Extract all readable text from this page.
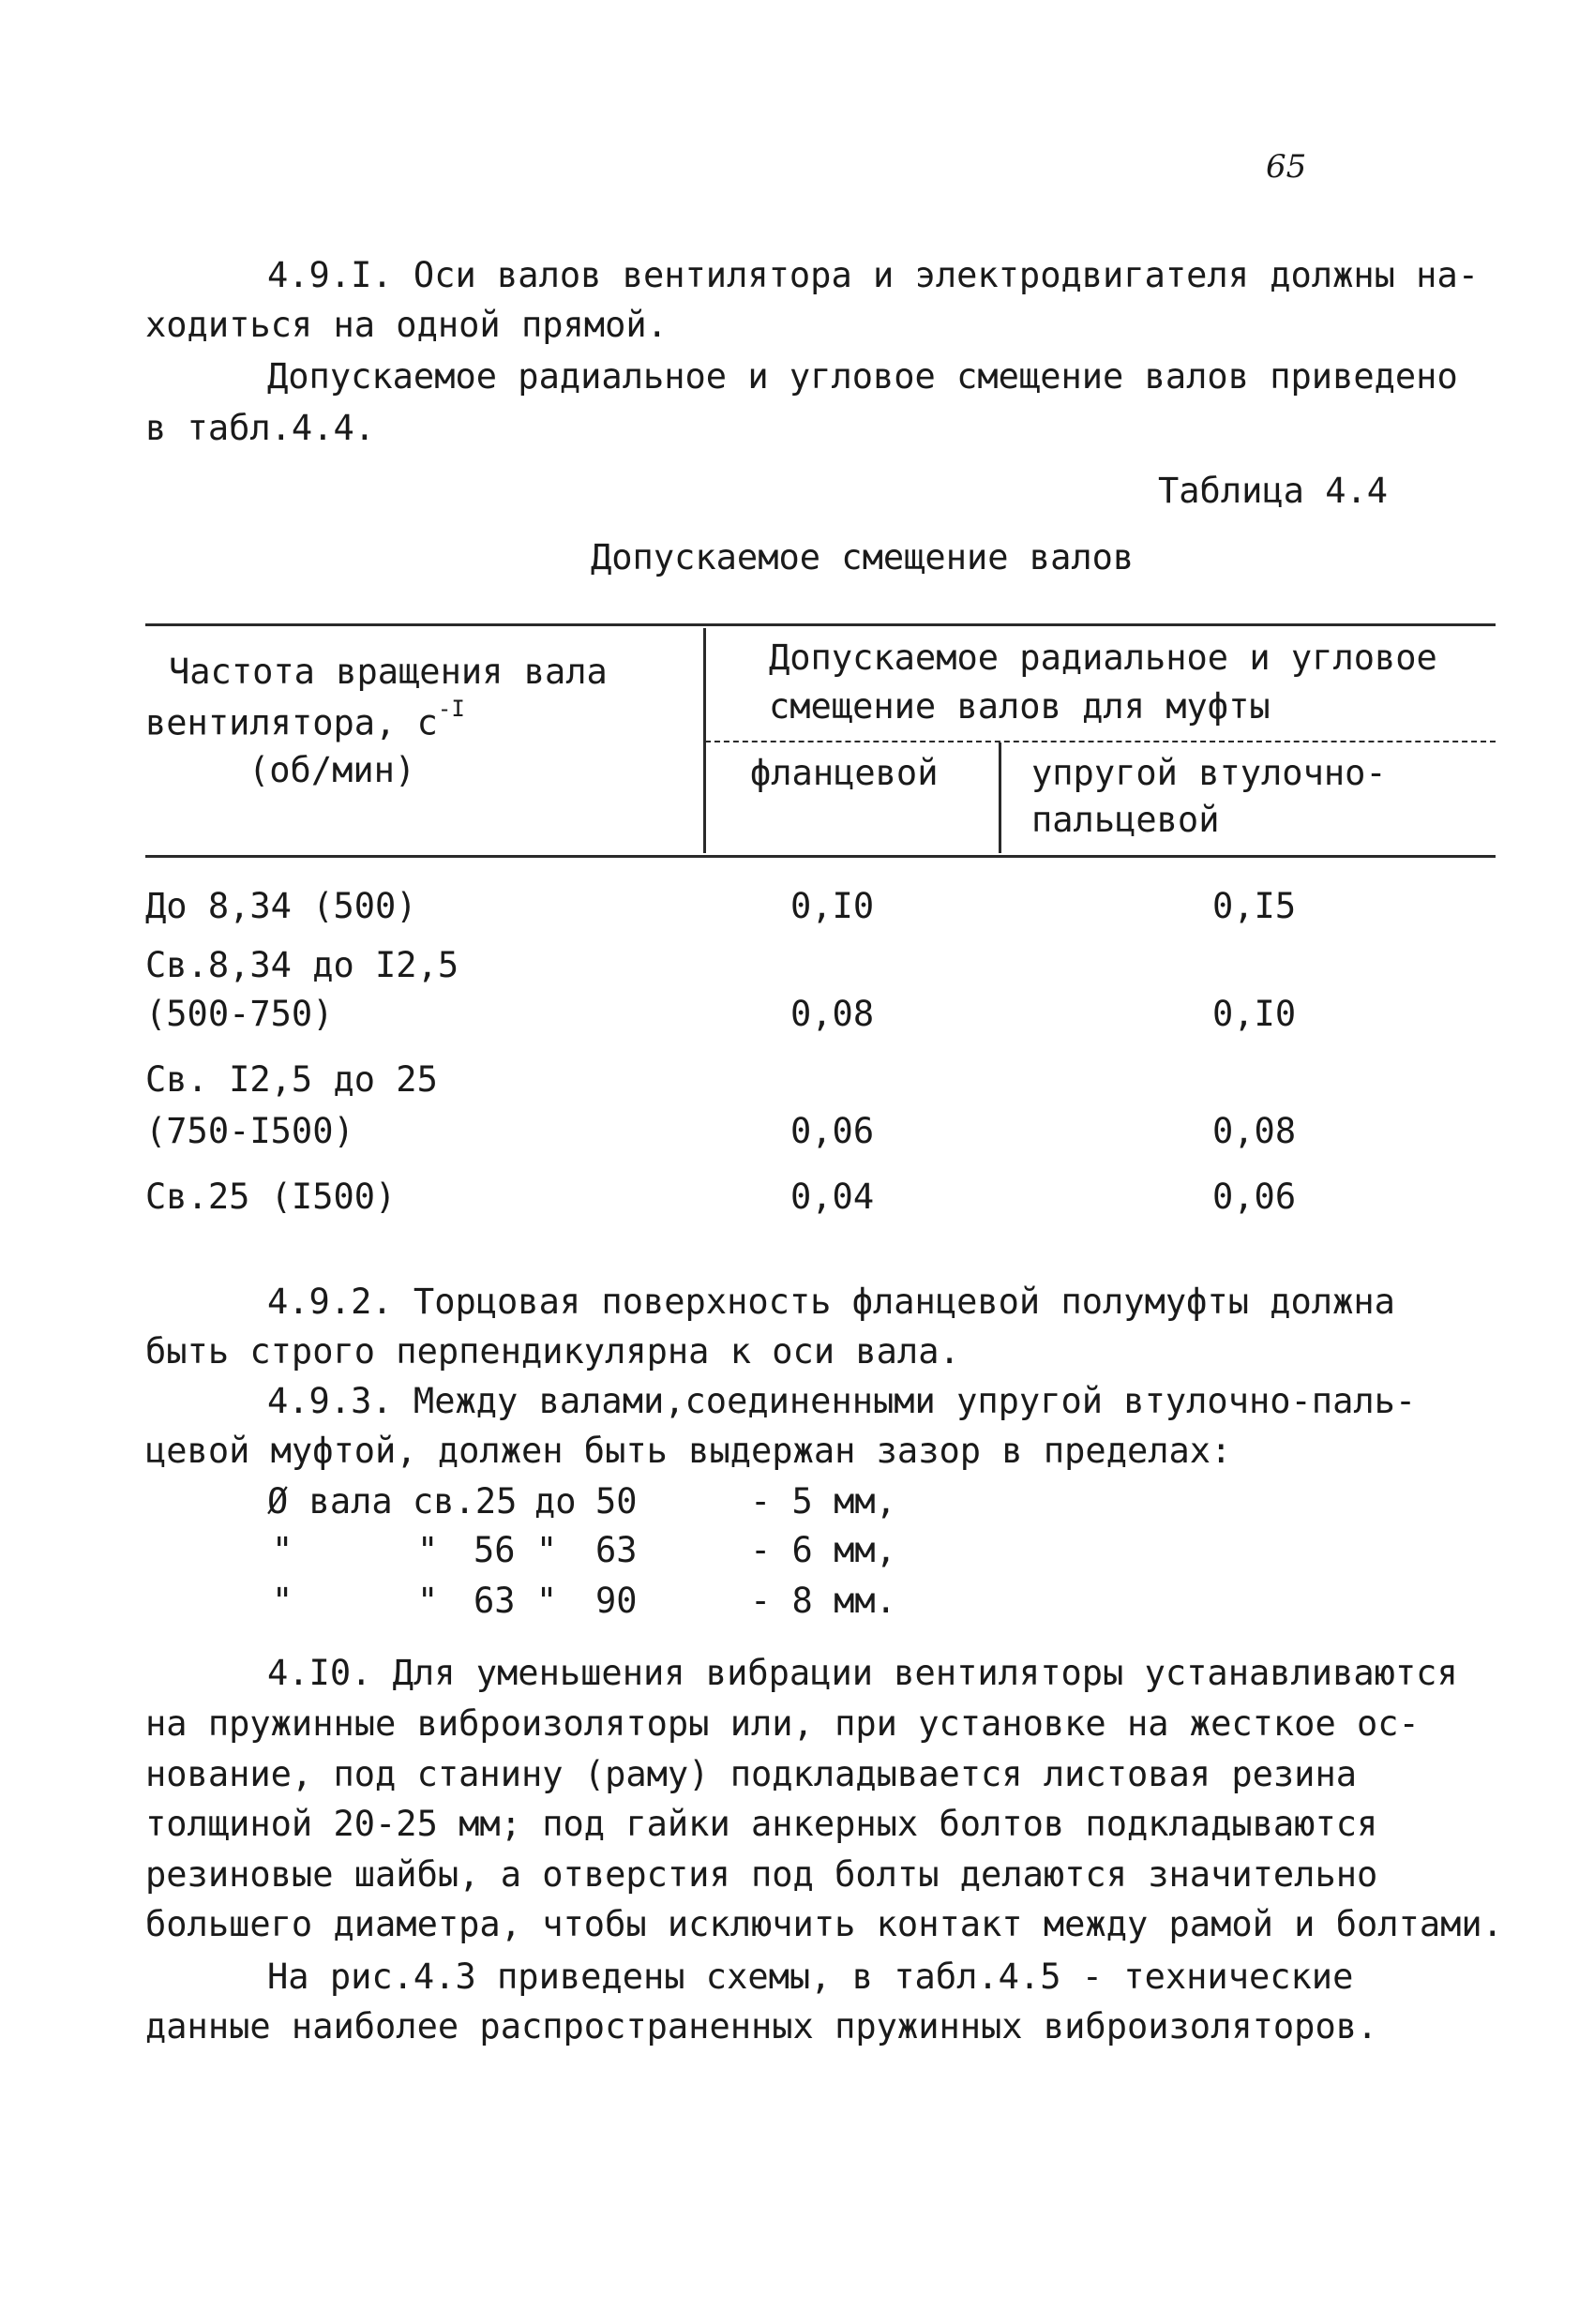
65
4.9.I. Оси валов вентилятора и электродвигателя должны на-
ходиться на одной прямой.
Допускаемое радиальное и угловое смещение валов приведено
в табл.4.4.
Таблица 4.4
Допускаемое смещение валов
Частота вращения вала
вентилятора, $с^{-I}$
(об/мин)
Допускаемое радиальное и угловое
смещение валов для муфты
фланцевой	упругой втулочно-
пальцевой
До 8,34 (500)	0,I0	0,I5
Св.8,34 до I2,5
(500-750)	0,08	0,I0
Св. I2,5 до 25
(750-I500)	0,06	0,08
Св.25 (I500)	0,04	0,06
4.9.2. Торцовая поверхность фланцевой полумуфты должна
быть строго перпендикулярна к оси вала.
4.9.3. Между валами,соединенными упругой втулочно-паль-
цевой муфтой, должен быть выдержан зазор в пределах:
Ø вала св.25 до 50	- 5 мм,
"	" 56 " 63	- 6 мм,
"	" 63 " 90	- 8 мм.
4.I0. Для уменьшения вибрации вентиляторы устанавливаются
на пружинные виброизоляторы или, при установке на жесткое ос-
нование, под станину (раму) подкладывается листовая резина
толщиной 20-25 мм; под гайки анкерных болтов подкладываются
резиновые шайбы, а отверстия под болты делаются значительно
большего диаметра, чтобы исключить контакт между рамой и болтами.
На рис.4.3 приведены схемы, в табл.4.5 - технические
данные наиболее распространенных пружинных виброизоляторов.
